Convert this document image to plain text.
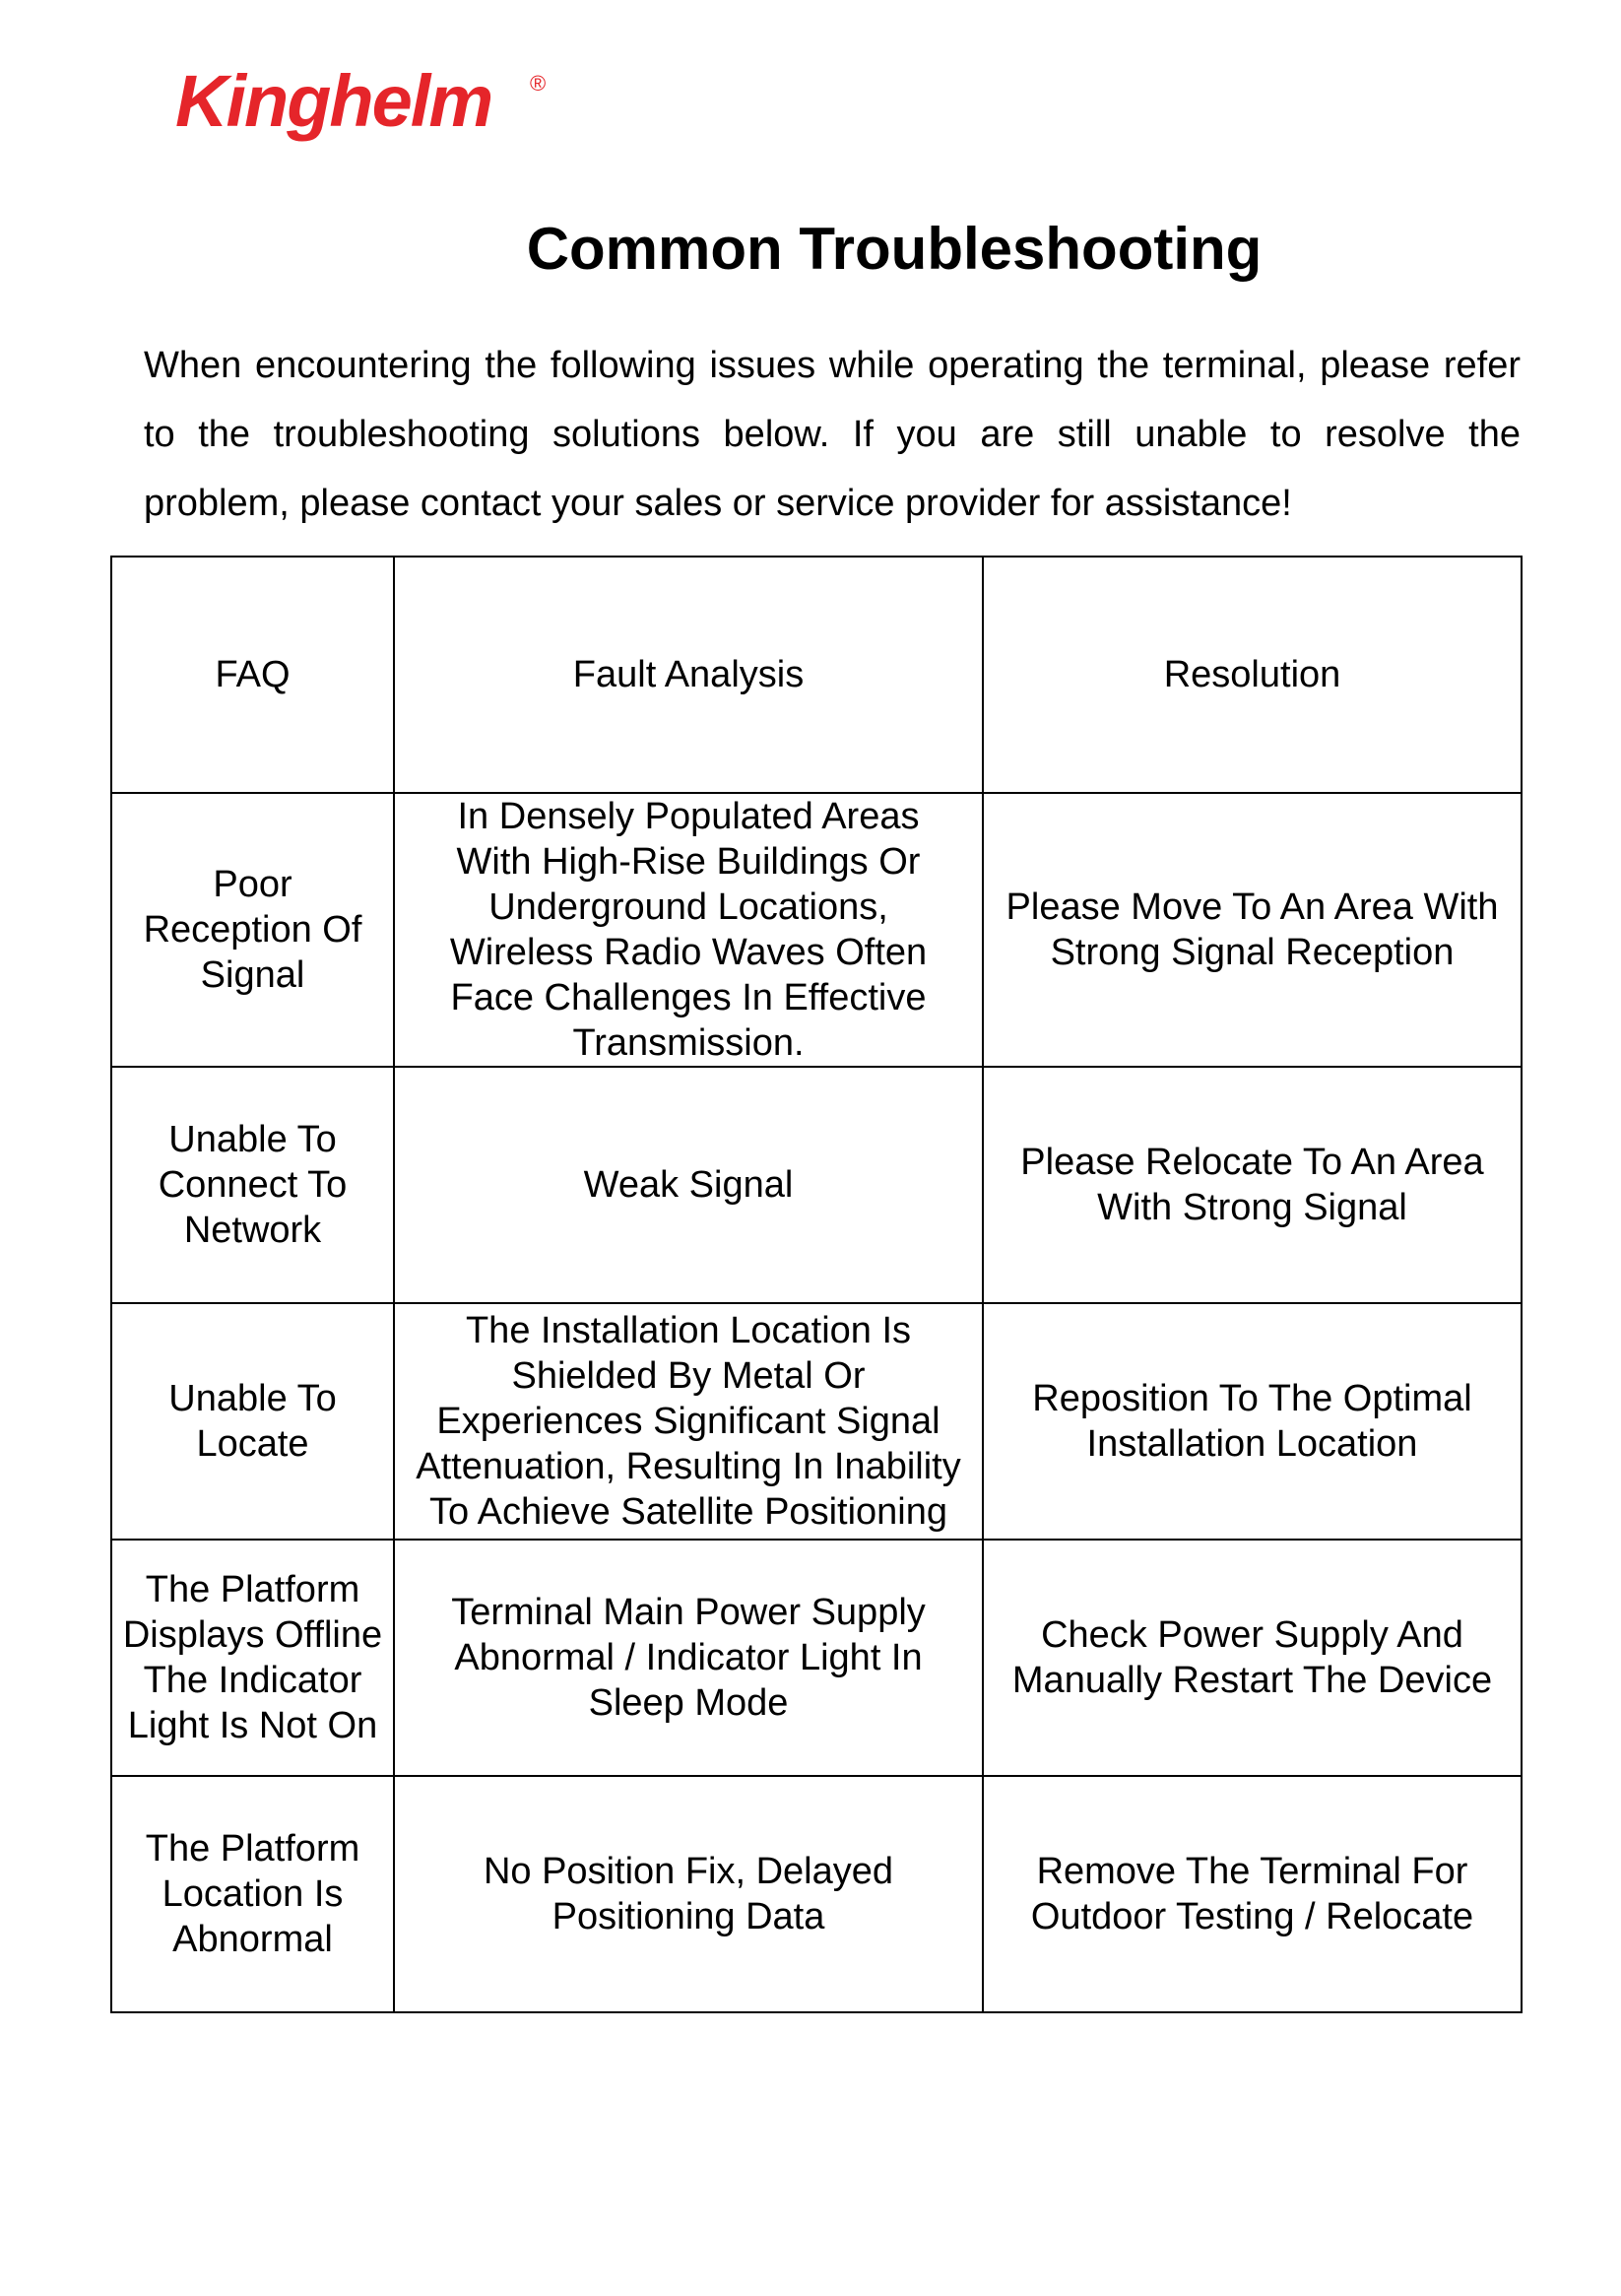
Kinghelm ®
Common Troubleshooting

When encountering the following issues while operating the terminal, please refer to the troubleshooting solutions below. If you are still unable to resolve the problem, please contact your sales or service provider for assistance!

FAQ	Fault Analysis	Resolution
Poor Reception Of Signal	In Densely Populated Areas With High-Rise Buildings Or Underground Locations, Wireless Radio Waves Often Face Challenges In Effective Transmission.	Please Move To An Area With Strong Signal Reception
Unable To Connect To Network	Weak Signal	Please Relocate To An Area With Strong Signal
Unable To Locate	The Installation Location Is Shielded By Metal Or Experiences Significant Signal Attenuation, Resulting In Inability To Achieve Satellite Positioning	Reposition To The Optimal Installation Location
The Platform Displays Offline The Indicator Light Is Not On	Terminal Main Power Supply Abnormal / Indicator Light In Sleep Mode	Check Power Supply And Manually Restart The Device
The Platform Location Is Abnormal	No Position Fix, Delayed Positioning Data	Remove The Terminal For Outdoor Testing / Relocate
